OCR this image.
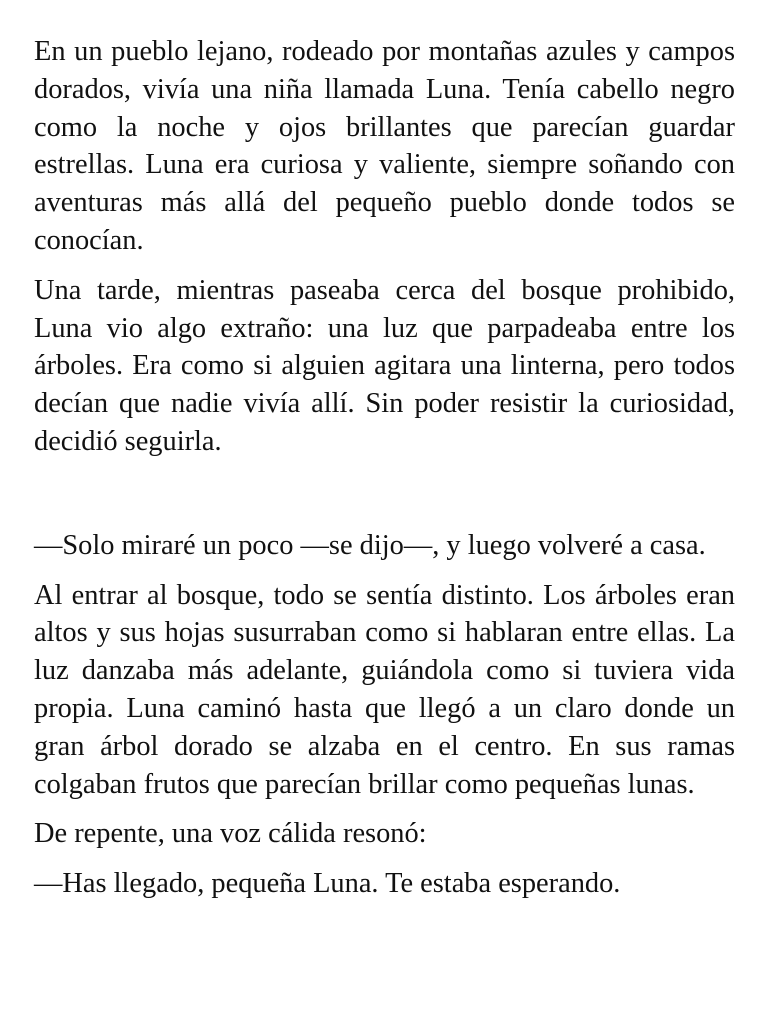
En un pueblo lejano, rodeado por montañas azules y campos dorados, vivía una niña llamada Luna. Tenía cabello negro como la noche y ojos brillantes que parecían guardar estrellas. Luna era curiosa y valiente, siempre soñando con aventuras más allá del pequeño pueblo donde todos se conocían.

Una tarde, mientras paseaba cerca del bosque prohibido, Luna vio algo extraño: una luz que parpadeaba entre los árboles. Era como si alguien agitara una linterna, pero todos decían que nadie vivía allí. Sin poder resistir la curiosidad, decidió seguirla.

—Solo miraré un poco —se dijo—, y luego volveré a casa.

Al entrar al bosque, todo se sentía distinto. Los árboles eran altos y sus hojas susurraban como si hablaran entre ellas. La luz danzaba más adelante, guiándola como si tuviera vida propia. Luna caminó hasta que llegó a un claro donde un gran árbol dorado se alzaba en el centro. En sus ramas colgaban frutos que parecían brillar como pequeñas lunas.

De repente, una voz cálida resonó:

—Has llegado, pequeña Luna. Te estaba esperando.
